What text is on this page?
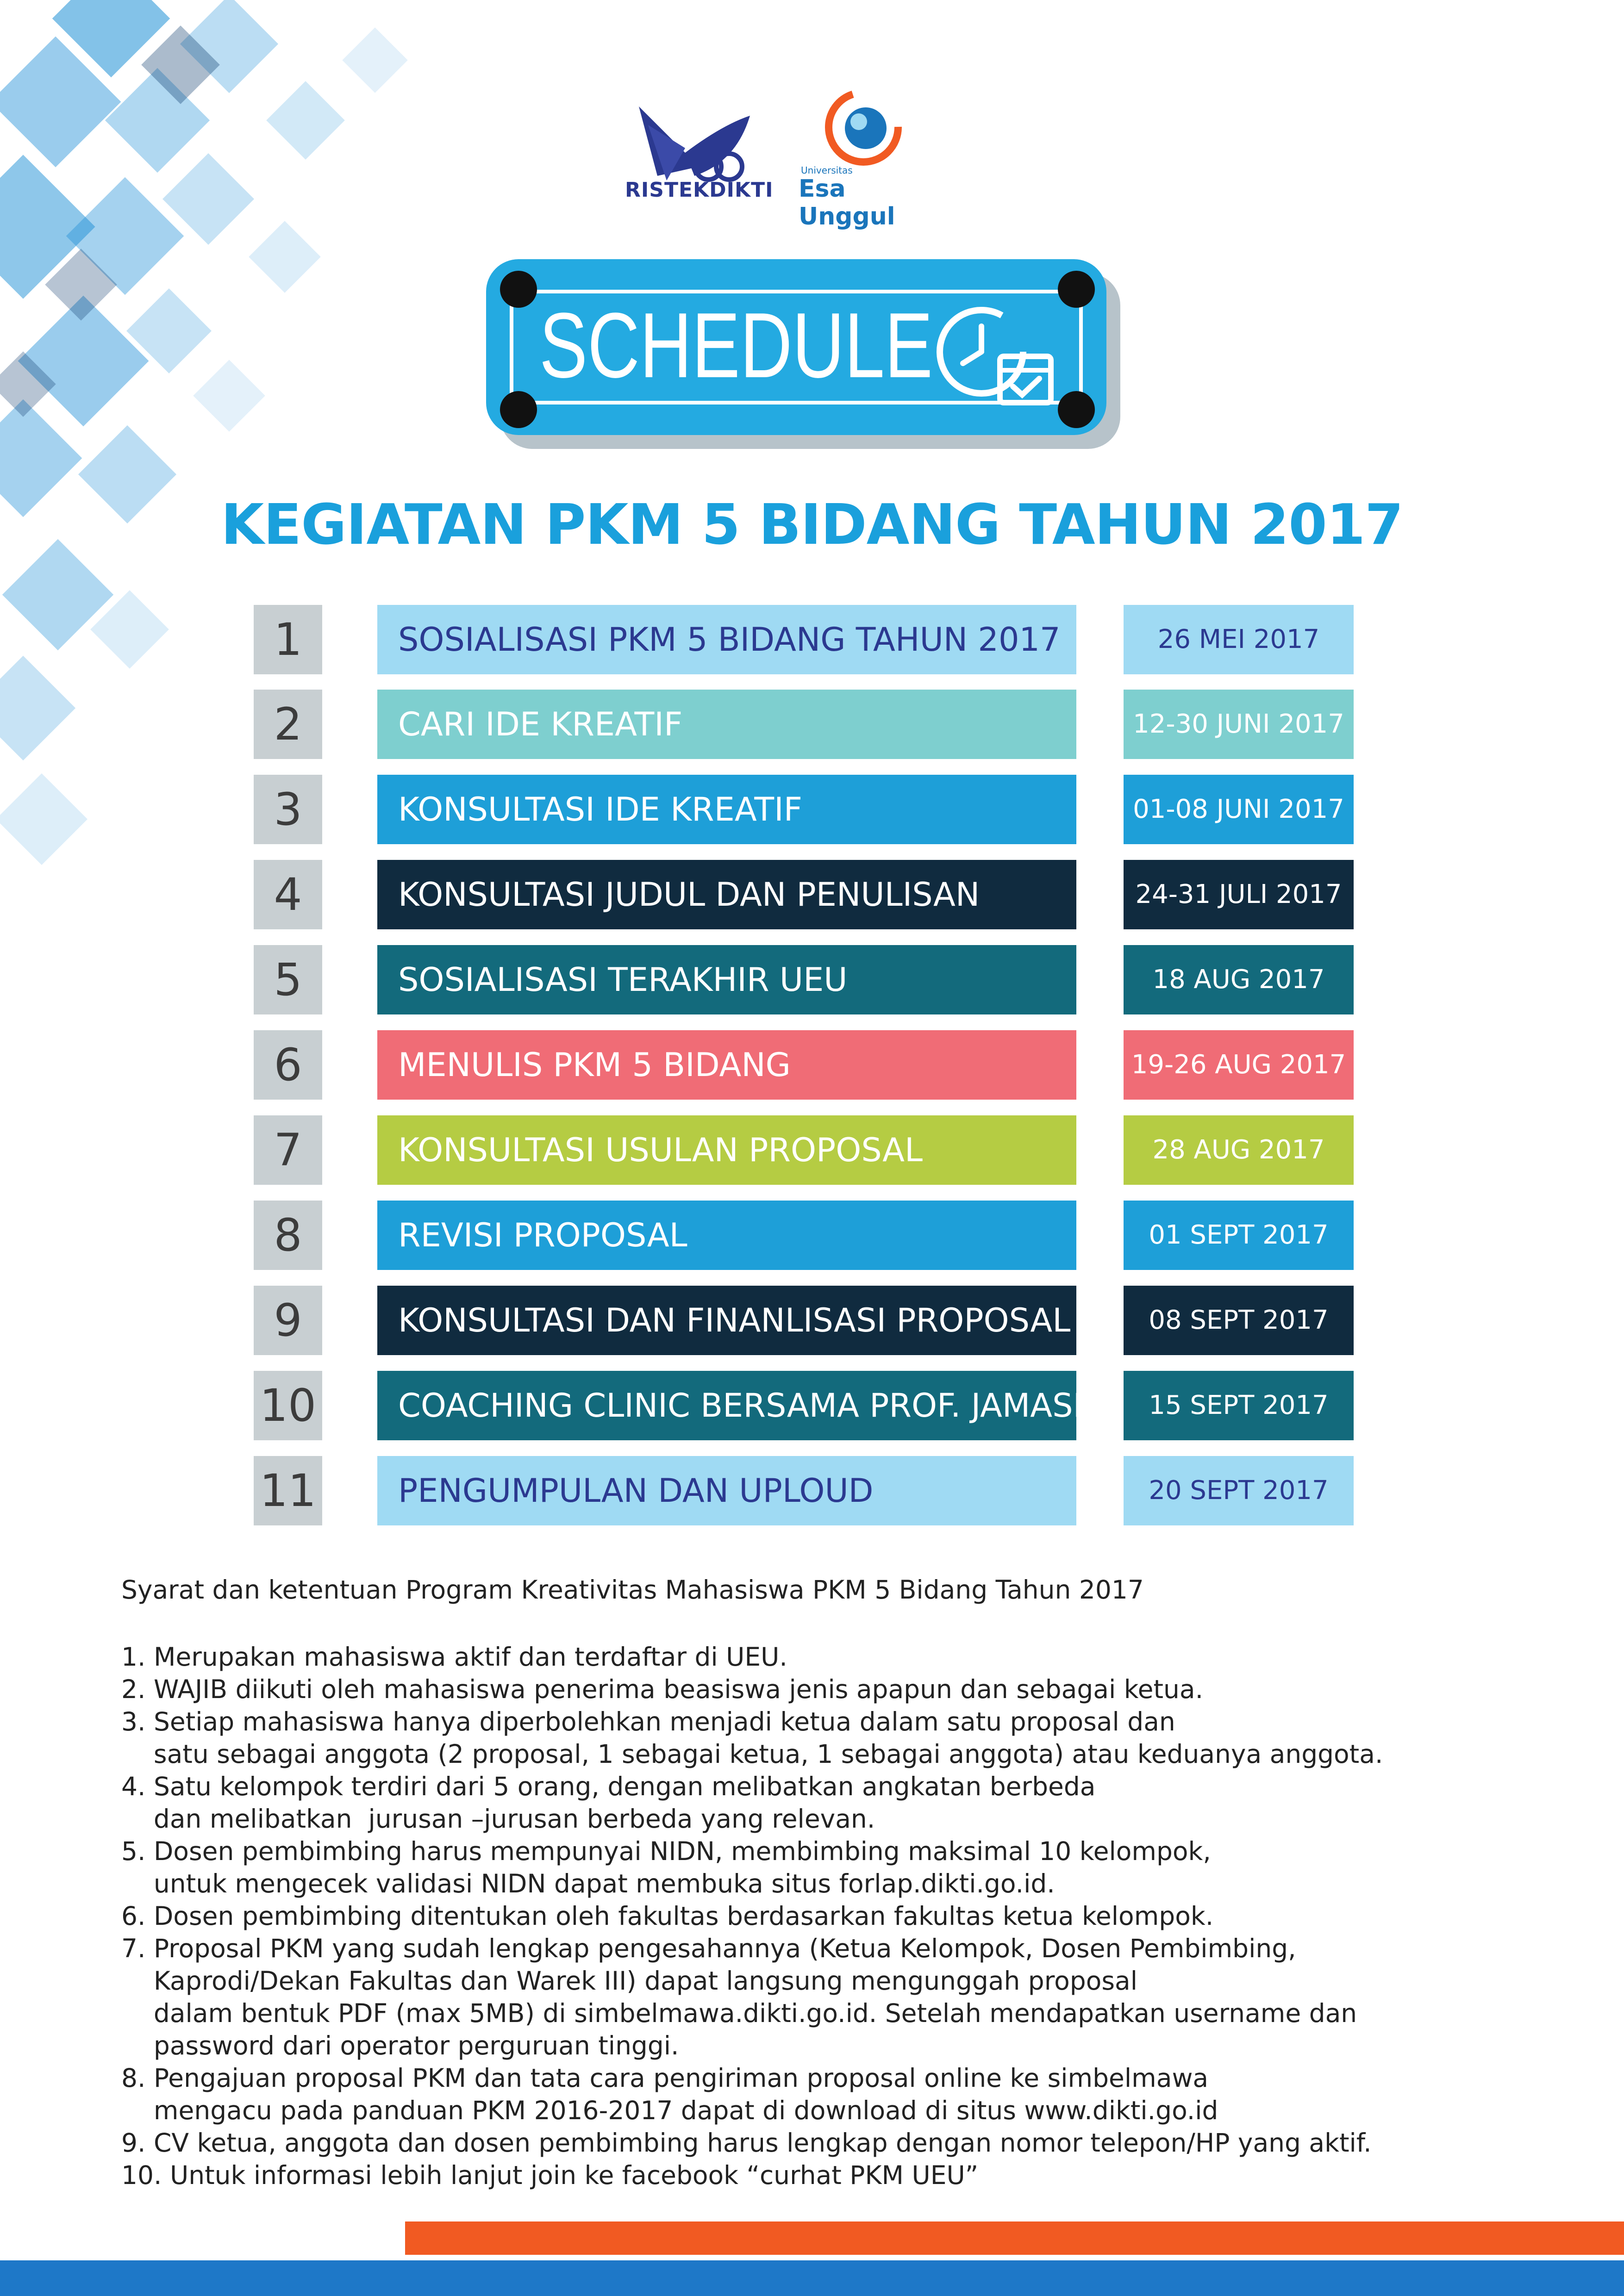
RISTEKDIKTI
Universitas
Esa Unggul
SCHEDULE
KEGIATAN PKM 5 BIDANG TAHUN 2017
1	SOSIALISASI PKM 5 BIDANG TAHUN 2017	26 MEI 2017
2	CARI IDE KREATIF	12-30 JUNI 2017
3	KONSULTASI IDE KREATIF	01-08 JUNI 2017
4	KONSULTASI JUDUL DAN PENULISAN	24-31 JULI 2017
5	SOSIALISASI TERAKHIR UEU	18 AUG 2017
6	MENULIS PKM 5 BIDANG	19-26 AUG 2017
7	KONSULTASI USULAN PROPOSAL	28 AUG 2017
8	REVISI PROPOSAL	01 SEPT 2017
9	KONSULTASI DAN FINANLISASI PROPOSAL	08 SEPT 2017
10	COACHING CLINIC BERSAMA PROF. JAMASRI	15 SEPT 2017
11	PENGUMPULAN DAN UPLOUD	20 SEPT 2017

Syarat dan ketentuan Program Kreativitas Mahasiswa PKM 5 Bidang Tahun 2017

1. Merupakan mahasiswa aktif dan terdaftar di UEU.

2. WAJIB diikuti oleh mahasiswa penerima beasiswa jenis apapun dan sebagai ketua.

3. Setiap mahasiswa hanya diperbolehkan menjadi ketua dalam satu proposal dan

satu sebagai anggota (2 proposal, 1 sebagai ketua, 1 sebagai anggota) atau keduanya anggota.

4. Satu kelompok terdiri dari 5 orang, dengan melibatkan angkatan berbeda

dan melibatkan  jurusan –jurusan berbeda yang relevan.

5. Dosen pembimbing harus mempunyai NIDN, membimbing maksimal 10 kelompok,

untuk mengecek validasi NIDN dapat membuka situs forlap.dikti.go.id.

6. Dosen pembimbing ditentukan oleh fakultas berdasarkan fakultas ketua kelompok.

7. Proposal PKM yang sudah lengkap pengesahannya (Ketua Kelompok, Dosen Pembimbing,

Kaprodi/Dekan Fakultas dan Warek III) dapat langsung mengunggah proposal

dalam bentuk PDF (max 5MB) di simbelmawa.dikti.go.id. Setelah mendapatkan username dan

password dari operator perguruan tinggi.

8. Pengajuan proposal PKM dan tata cara pengiriman proposal online ke simbelmawa

mengacu pada panduan PKM 2016-2017 dapat di download di situs www.dikti.go.id

9. CV ketua, anggota dan dosen pembimbing harus lengkap dengan nomor telepon/HP yang aktif.

10. Untuk informasi lebih lanjut join ke facebook “curhat PKM UEU”
